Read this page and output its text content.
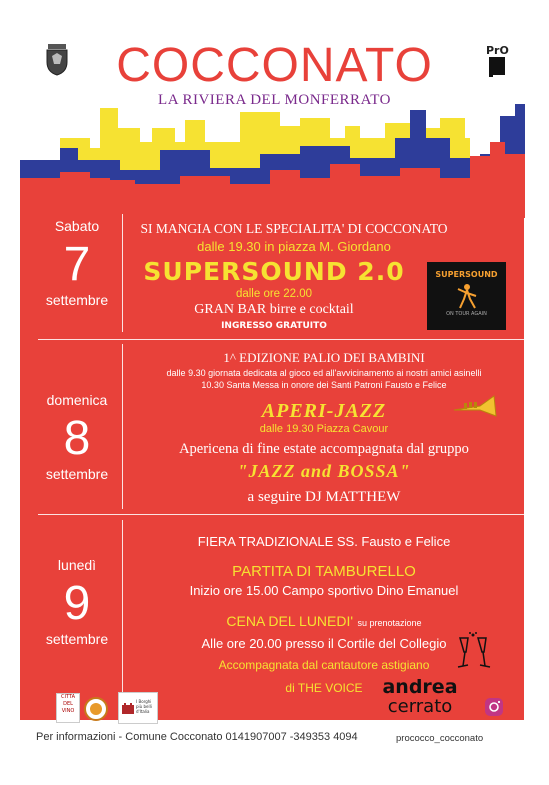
COCCONATO
LA RIVIERA DEL MONFERRATO
PrO
Sabato
7
settembre
domenica
8
settembre
lunedì
9
settembre
SI MANGIA CON LE SPECIALITA' DI COCCONATO
dalle 19.30 in piazza M. Giordano
SUPERSOUND 2.0
dalle ore 22.00
GRAN BAR birre e cocktail
INGRESSO GRATUITO
SUPERSOUND
ON TOUR AGAIN
1^ EDIZIONE PALIO DEI BAMBINI
dalle 9.30 giornata dedicata al gioco ed all'avvicinamento ai nostri amici asinelli
10.30 Santa Messa in onore dei Santi Patroni Fausto e Felice
APERI-JAZZ
dalle 19.30 Piazza Cavour
Apericena di fine estate accompagnata dal gruppo
"JAZZ and BOSSA"
a seguire DJ MATTHEW
FIERA TRADIZIONALE SS. Fausto e Felice
PARTITA DI TAMBURELLO
Inizio ore 15.00 Campo sportivo Dino Emanuel
CENA DEL LUNEDI' su prenotazione
Alle ore 20.00 presso il Cortile del Collegio
Accompagnata dal cantautore astigiano
di THE VOICE
CITTÀ DEL VINO
I Borghi più belli d'Italia
andrea
cerrato
Per informazioni - Comune Cocconato 0141907007 -349353 4094	prococco_cocconato
